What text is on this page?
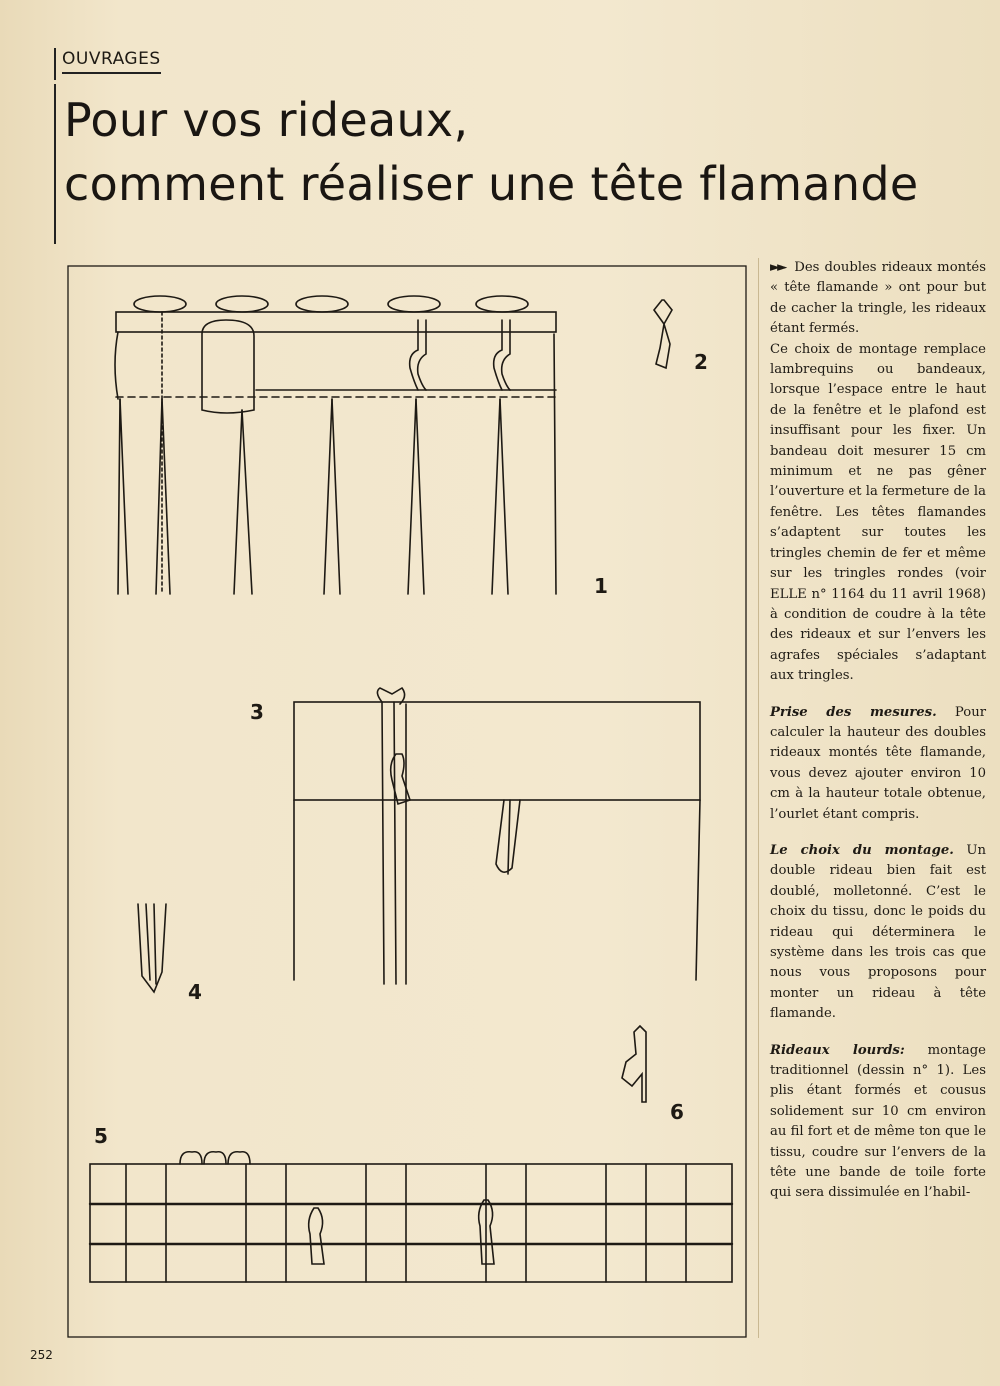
OUVRAGES
Pour vos rideaux,
comment réaliser une tête flamande
1
2
3
4
5
6

►► Des doubles rideaux montés « tête flamande » ont pour but de cacher la tringle, les rideaux étant fermés.

Ce choix de montage remplace lambrequins ou bandeaux, lorsque l’espace entre le haut de la fenêtre et le plafond est insuffisant pour les fixer. Un bandeau doit mesurer 15 cm minimum et ne pas gêner l’ouverture et la fermeture de la fenêtre. Les têtes flamandes s’adaptent sur toutes les tringles chemin de fer et même sur les tringles rondes (voir ELLE n° 1164 du 11 avril 1968) à condition de coudre à la tête des rideaux et sur l’envers les agrafes spéciales s’adaptant aux tringles.

Prise des mesures. Pour calculer la hauteur des doubles rideaux montés tête flamande, vous devez ajouter environ 10 cm à la hauteur totale obtenue, l’ourlet étant compris.

Le choix du montage. Un double rideau bien fait est doublé, molletonné. C’est le choix du tissu, donc le poids du rideau qui déterminera le système dans les trois cas que nous vous proposons pour monter un rideau à tête flamande.

Rideaux lourds: montage traditionnel (dessin n° 1). Les plis étant formés et cousus solidement sur 10 cm environ au fil fort et de même ton que le tissu, coudre sur l’envers de la tête une bande de toile forte qui sera dissimulée en l’habil-

252
